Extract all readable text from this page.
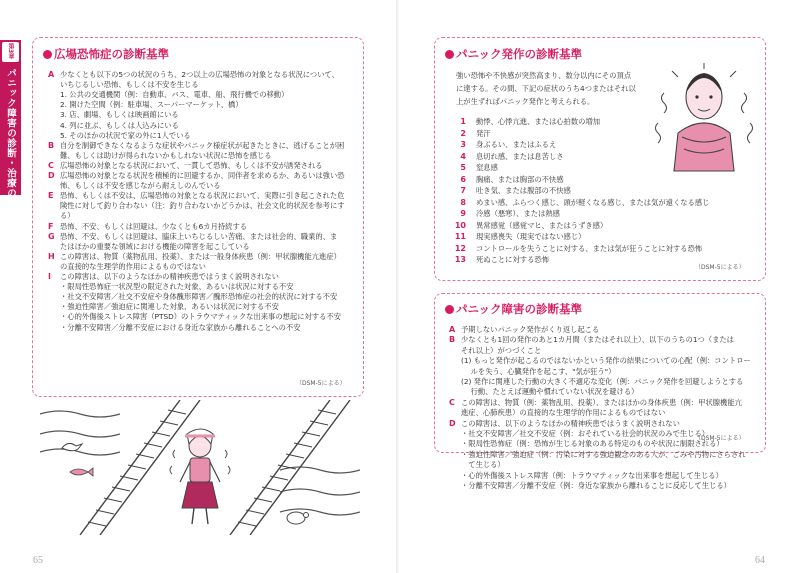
第3章
パニック障害の診断・治療の進め方
広場恐怖症の診断基準
A 少なくとも以下の5つの状況のうち、2つ以上の広場恐怖の対象となる状況について、
いちじるしい恐怖、もしくは不安を生じる
1. 公共の交通機関（例：自動車、バス、電車、船、飛行機での移動）
2. 開けた空間（例：駐車場、スーパーマーケット、橋）
3. 店、劇場、もしくは映画館にいる
4. 列に並ぶ、もしくは人込みにいる
5. そのほかの状況で家の外に1人でいる
B 自分を制御できなくなるような症状やパニック様症状が起きたときに、逃げることが困
難、もしくは助けが得られないかもしれない状況に恐怖を感じる
C 広場恐怖の対象となる状況において、一貫して恐怖、もしくは不安が誘発される
D 広場恐怖の対象となる状況を積極的に回避するか、同伴者を求めるか、あるいは強い恐
怖、もしくは不安を感じながら耐えしのんでいる
E 恐怖、もしくは不安は、広場恐怖の対象となる状況において、実際に引き起こされた危
険性に対して釣り合わない（注：釣り合わないかどうかは、社会文化的状況を参考にす
る）
F 恐怖、不安、もしくは回避は、少なくとも6カ月持続する
G 恐怖、不安、もしくは回避は、臨床上いちじるしい苦痛、または社会的、職業的、ま
たはほかの重要な領域における機能の障害を起こしている
H この障害は、物質（薬物乱用、投薬）、または一般身体疾患（例：甲状腺機能亢進症）
の直接的な生理学的作用によるものではない
I	この障害は、以下のようなほかの精神疾患ではうまく説明されない
・限局性恐怖症一状況型の限定された対象、あるいは状況に対する不安
・社交不安障害／社交不安症や身体醜形障害／醜形恐怖症の社会的状況に対する不安
・強迫性障害／強迫症に関連した対象、あるいは状況に対する不安
・心的外傷後ストレス障害（PTSD）のトラウマティックな出来事の想起に対する不安
・分離不安障害／分離不安症における身近な家族から離れることへの不安
（DSM-5による）
65
パニック発作の診断基準
強い恐怖や不快感が突然高まり、数分以内にその頂点
に達する。その間、下記の症状のうち4つまたはそれ以
上が生ずればパニック発作と考えられる。
1 動悸、心悸亢進、または心拍数の増加
2 発汗
3 身ぶるい、またはふるえ
4 息切れ感、または息苦しさ
5 窒息感
6 胸痛、または胸部の不快感
7 吐き気、または腹部の不快感
8 めまい感、ふらつく感じ、頭が軽くなる感じ、または気が遠くなる感じ
9 冷感（悪寒）、または熱感
10 異常感覚（感覚マヒ、またはうずき感）
11 現実感喪失（現実ではない感じ）
12 コントロールを失うことに対する、または気が狂うことに対する恐怖
13 死ぬことに対する恐怖
（DSM-5による）
パニック障害の診断基準
A 予期しないパニック発作がくり返し起こる
B 少なくとも1回の発作のあと1カ月間（またはそれ以上）、以下のうちの1つ（または
それ以上）がつづくこと
(1) もっと発作が起こるのではないかという発作の結果についての心配（例：コントロー
　 ルを失う、心臓発作を起こす、"気が狂う"）
(2) 発作に関連した行動の大きく不適応な変化（例：パニック発作を回避しようとする
　 行動、たとえば運動や慣れていない状況を避ける）
C この障害は、物質（例：薬物乱用、投薬）、またはほかの身体疾患（例：甲状腺機能亢
進症、心肺疾患）の直接的な生理学的作用によるものではない
D この障害は、以下のようなほかの精神疾患ではうまく説明されない
・社交不安障害／社交不安症（例：おそれている社会的状況のみで生じる）
・限局性恐怖症（例：恐怖が生じる対象のある特定のものや状況に制限される）
・強迫性障害／強迫症（例：汚染に対する強迫観念のある人が、ごみや汚物にさらされ
　て生じる）
・心的外傷後ストレス障害（例：トラウマティックな出来事を想起して生じる）
・分離不安障害／分離不安症（例：身近な家族から離れることに反応して生じる）
（DSM-5による）
64
